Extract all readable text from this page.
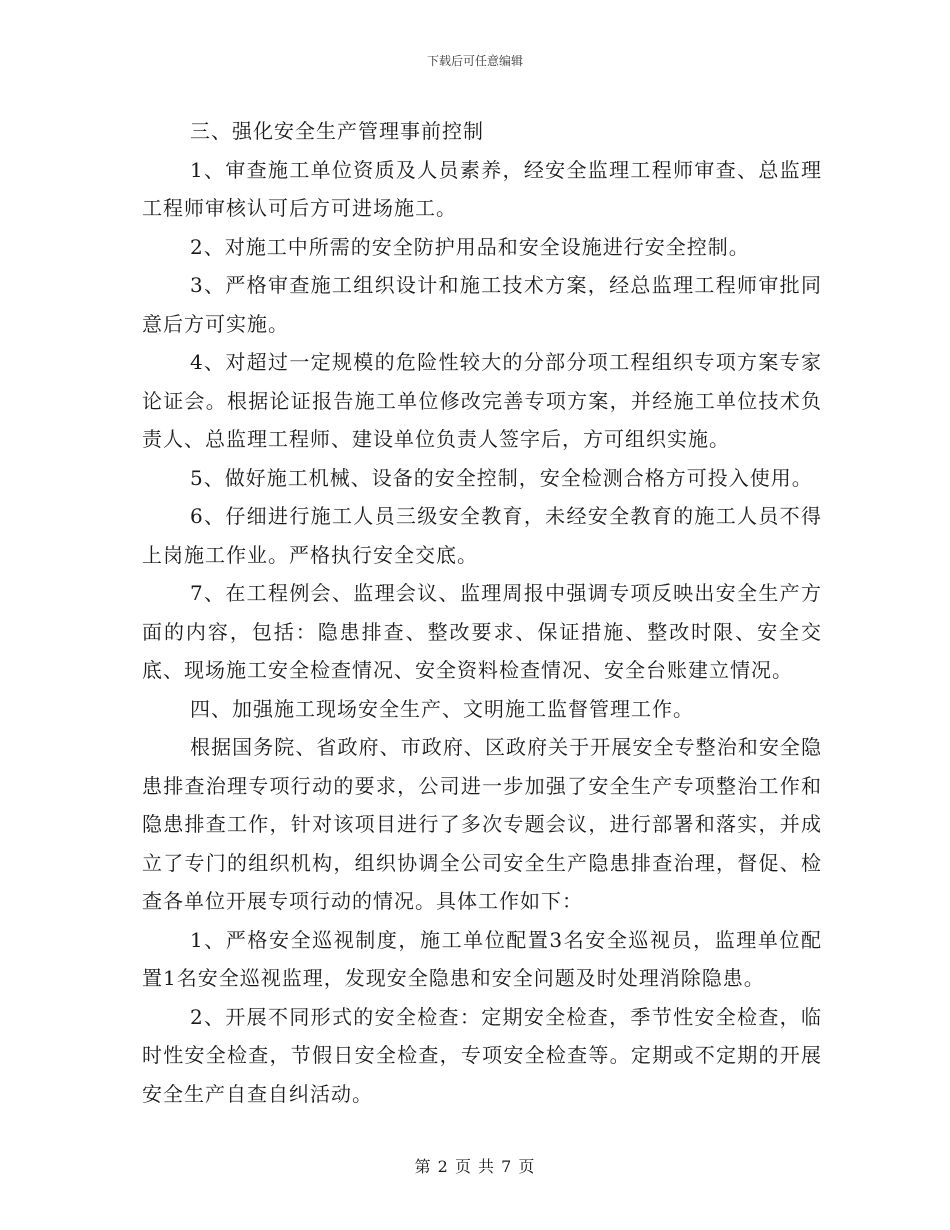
下载后可任意编辑

三、强化安全生产管理事前控制

1、审查施工单位资质及人员素养，经安全监理工程师审查、总监理工程师审核认可后方可进场施工。

2、对施工中所需的安全防护用品和安全设施进行安全控制。

3、严格审查施工组织设计和施工技术方案，经总监理工程师审批同意后方可实施。

4、对超过一定规模的危险性较大的分部分项工程组织专项方案专家论证会。根据论证报告施工单位修改完善专项方案，并经施工单位技术负责人、总监理工程师、建设单位负责人签字后，方可组织实施。

5、做好施工机械、设备的安全控制，安全检测合格方可投入使用。

6、仔细进行施工人员三级安全教育，未经安全教育的施工人员不得上岗施工作业。严格执行安全交底。

7、在工程例会、监理会议、监理周报中强调专项反映出安全生产方面的内容，包括：隐患排查、整改要求、保证措施、整改时限、安全交底、现场施工安全检查情况、安全资料检查情况、安全台账建立情况。

四、加强施工现场安全生产、文明施工监督管理工作。

根据国务院、省政府、市政府、区政府关于开展安全专整治和安全隐患排查治理专项行动的要求，公司进一步加强了安全生产专项整治工作和隐患排查工作，针对该项目进行了多次专题会议，进行部署和落实，并成立了专门的组织机构，组织协调全公司安全生产隐患排查治理，督促、检查各单位开展专项行动的情况。具体工作如下：

1、严格安全巡视制度，施工单位配置3名安全巡视员，监理单位配置1名安全巡视监理，发现安全隐患和安全问题及时处理消除隐患。

2、开展不同形式的安全检查：定期安全检查，季节性安全检查，临时性安全检查，节假日安全检查，专项安全检查等。定期或不定期的开展安全生产自查自纠活动。

第 2 页 共 7 页
